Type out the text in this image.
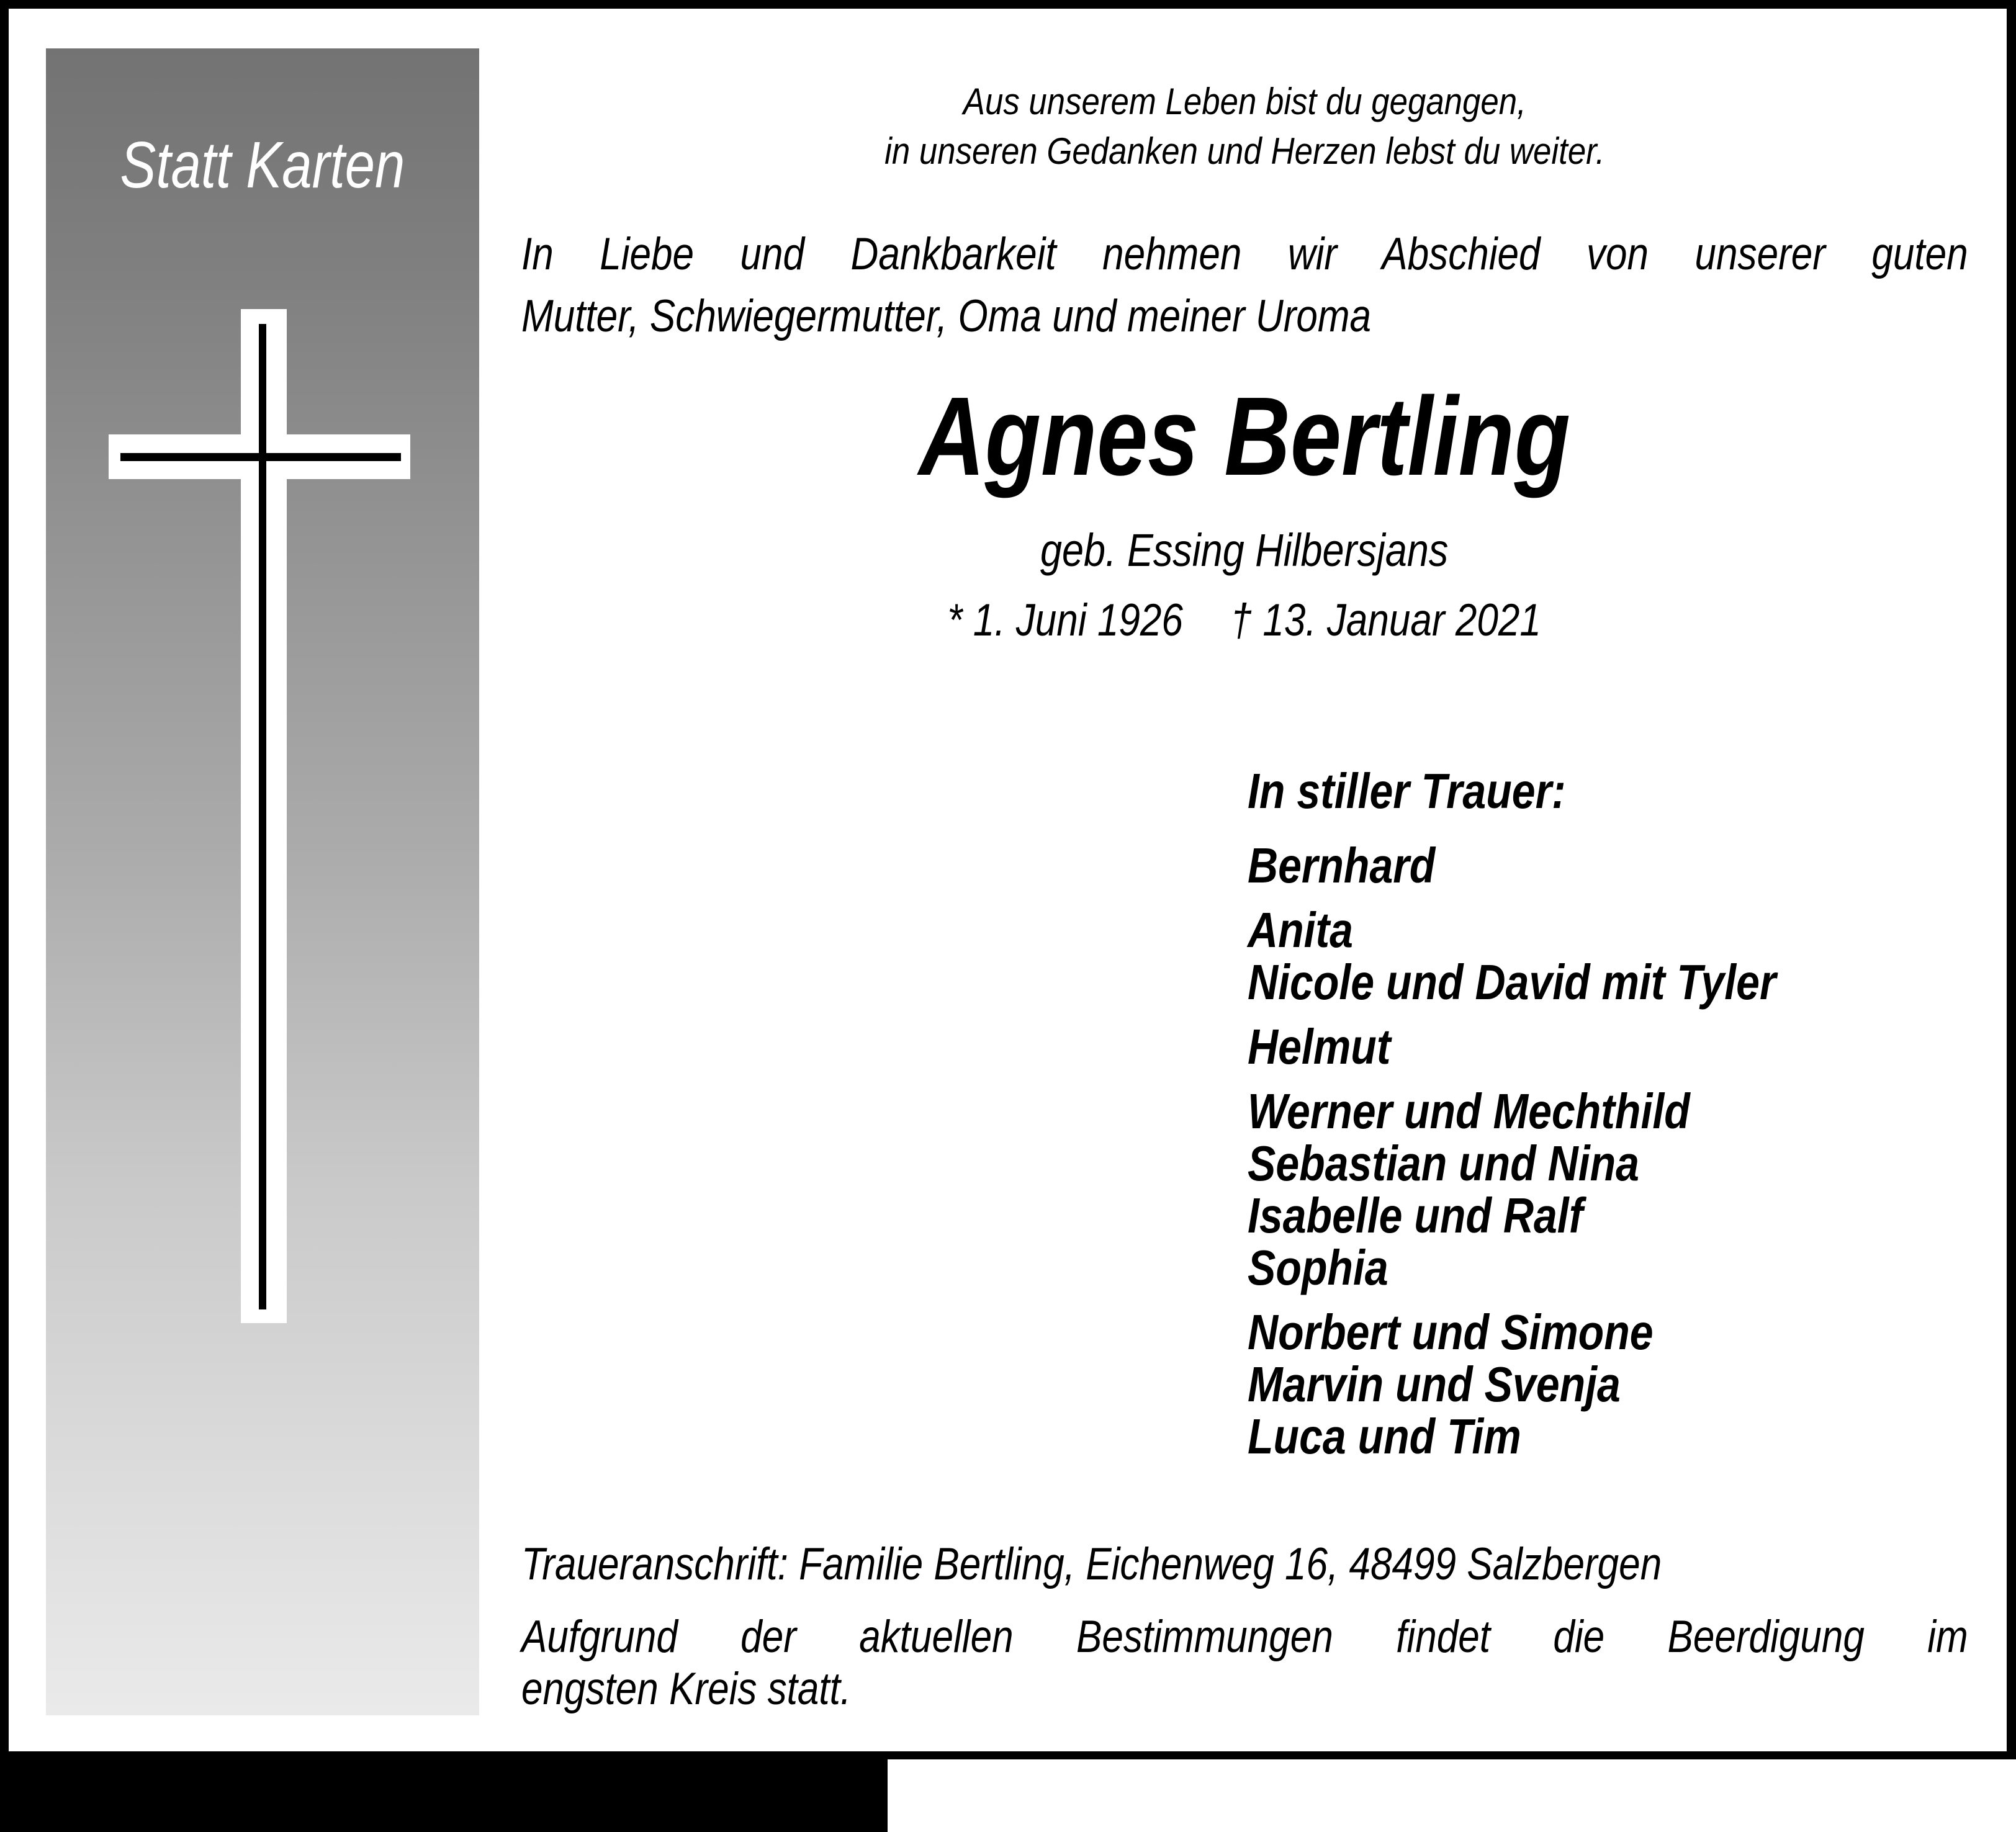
Statt Karten
Aus unserem Leben bist du gegangen,
in unseren Gedanken und Herzen lebst du weiter.
In Liebe und Dankbarkeit nehmen wir Abschied von unserer guten
Mutter, Schwiegermutter, Oma und meiner Uroma
Agnes Bertling
geb. Essing Hilbersjans
* 1. Juni 1926 † 13. Januar 2021
In stiller Trauer:
Bernhard
Anita
Nicole und David mit Tyler
Helmut
Werner und Mechthild
Sebastian und Nina
Isabelle und Ralf
Sophia
Norbert und Simone
Marvin und Svenja
Luca und Tim
Traueranschrift: Familie Bertling, Eichenweg 16, 48499 Salzbergen
Aufgrund der aktuellen Bestimmungen findet die Beerdigung im
engsten Kreis statt.
